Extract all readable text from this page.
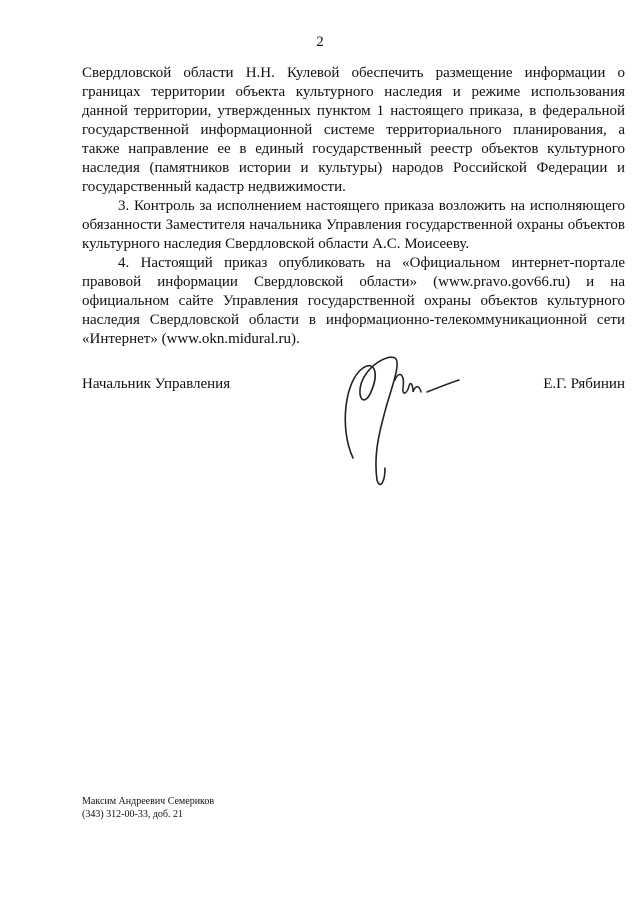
2

Свердловской области Н.Н. Кулевой обеспечить размещение информации о границах территории объекта культурного наследия и режиме использования данной территории, утвержденных пунктом 1 настоящего приказа, в федеральной государственной информационной системе территориального планирования, а также направление ее в единый государственный реестр объектов культурного наследия (памятников истории и культуры) народов Российской Федерации и государственный кадастр недвижимости.

3. Контроль за исполнением настоящего приказа возложить на исполняющего обязанности Заместителя начальника Управления государственной охраны объектов культурного наследия Свердловской области А.С. Моисееву.

4. Настоящий приказ опубликовать на «Официальном интернет-портале правовой информации Свердловской области» (www.pravo.gov66.ru) и на официальном сайте Управления государственной охраны объектов культурного наследия Свердловской области в информационно-телекоммуникационной сети «Интернет» (www.okn.midural.ru).

Начальник Управления	Е.Г. Рябинин
Максим Андреевич Семериков
(343) 312-00-33, доб. 21
